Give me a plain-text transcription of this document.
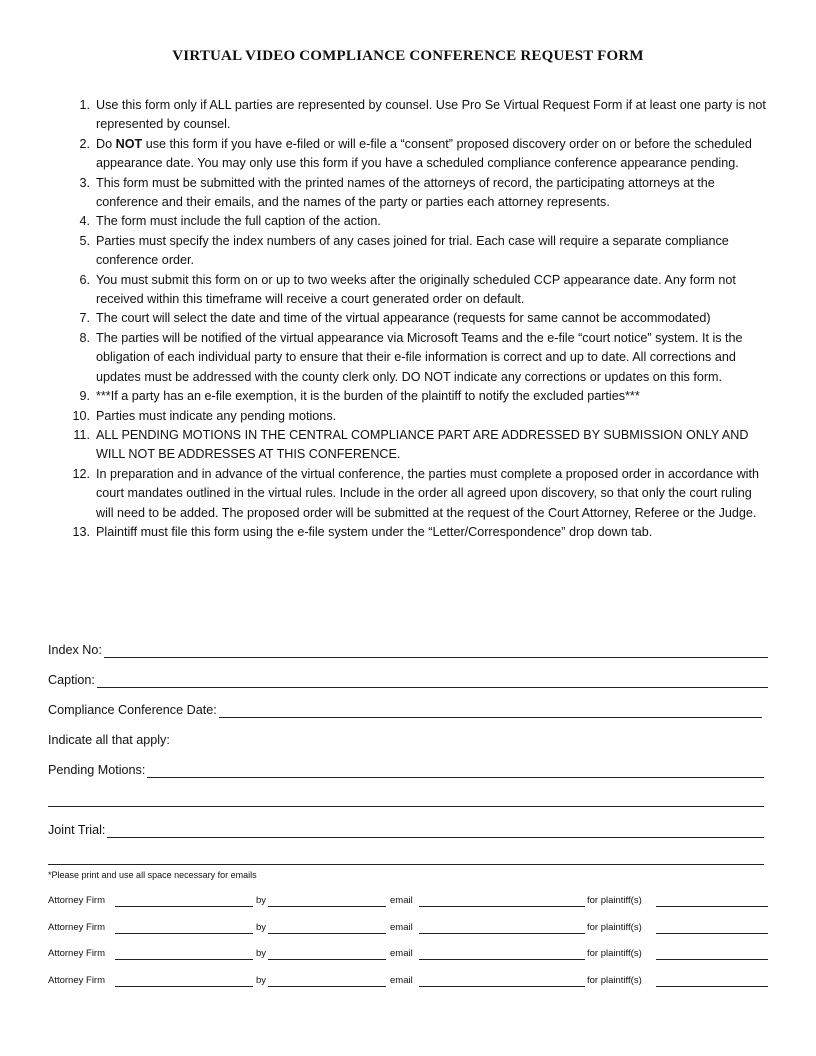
VIRTUAL VIDEO COMPLIANCE CONFERENCE REQUEST FORM
1. Use this form only if ALL parties are represented by counsel. Use Pro Se Virtual Request Form if at least one party is not represented by counsel.
2. Do NOT use this form if you have e-filed or will e-file a “consent” proposed discovery order on or before the scheduled appearance date. You may only use this form if you have a scheduled compliance conference appearance pending.
3. This form must be submitted with the printed names of the attorneys of record, the participating attorneys at the conference and their emails, and the names of the party or parties each attorney represents.
4. The form must include the full caption of the action.
5. Parties must specify the index numbers of any cases joined for trial. Each case will require a separate compliance conference order.
6. You must submit this form on or up to two weeks after the originally scheduled CCP appearance date. Any form not received within this timeframe will receive a court generated order on default.
7. The court will select the date and time of the virtual appearance (requests for same cannot be accommodated)
8. The parties will be notified of the virtual appearance via Microsoft Teams and the e-file “court notice” system. It is the obligation of each individual party to ensure that their e-file information is correct and up to date. All corrections and updates must be addressed with the county clerk only. DO NOT indicate any corrections or updates on this form.
9. ***If a party has an e-file exemption, it is the burden of the plaintiff to notify the excluded parties***
10. Parties must indicate any pending motions.
11. ALL PENDING MOTIONS IN THE CENTRAL COMPLIANCE PART ARE ADDRESSED BY SUBMISSION ONLY AND WILL NOT BE ADDRESSES AT THIS CONFERENCE.
12. In preparation and in advance of the virtual conference, the parties must complete a proposed order in accordance with court mandates outlined in the virtual rules. Include in the order all agreed upon discovery, so that only the court ruling will need to be added. The proposed order will be submitted at the request of the Court Attorney, Referee or the Judge.
13. Plaintiff must file this form using the e-file system under the “Letter/Correspondence” drop down tab.
Index No:
Caption:
Compliance Conference Date:
Indicate all that apply:
Pending Motions:
Joint Trial:
*Please print and use all space necessary for emails
Attorney Firm	by	email	for plaintiff(s)
Attorney Firm	by	email	for plaintiff(s)
Attorney Firm	by	email	for plaintiff(s)
Attorney Firm	by	email	for plaintiff(s)
